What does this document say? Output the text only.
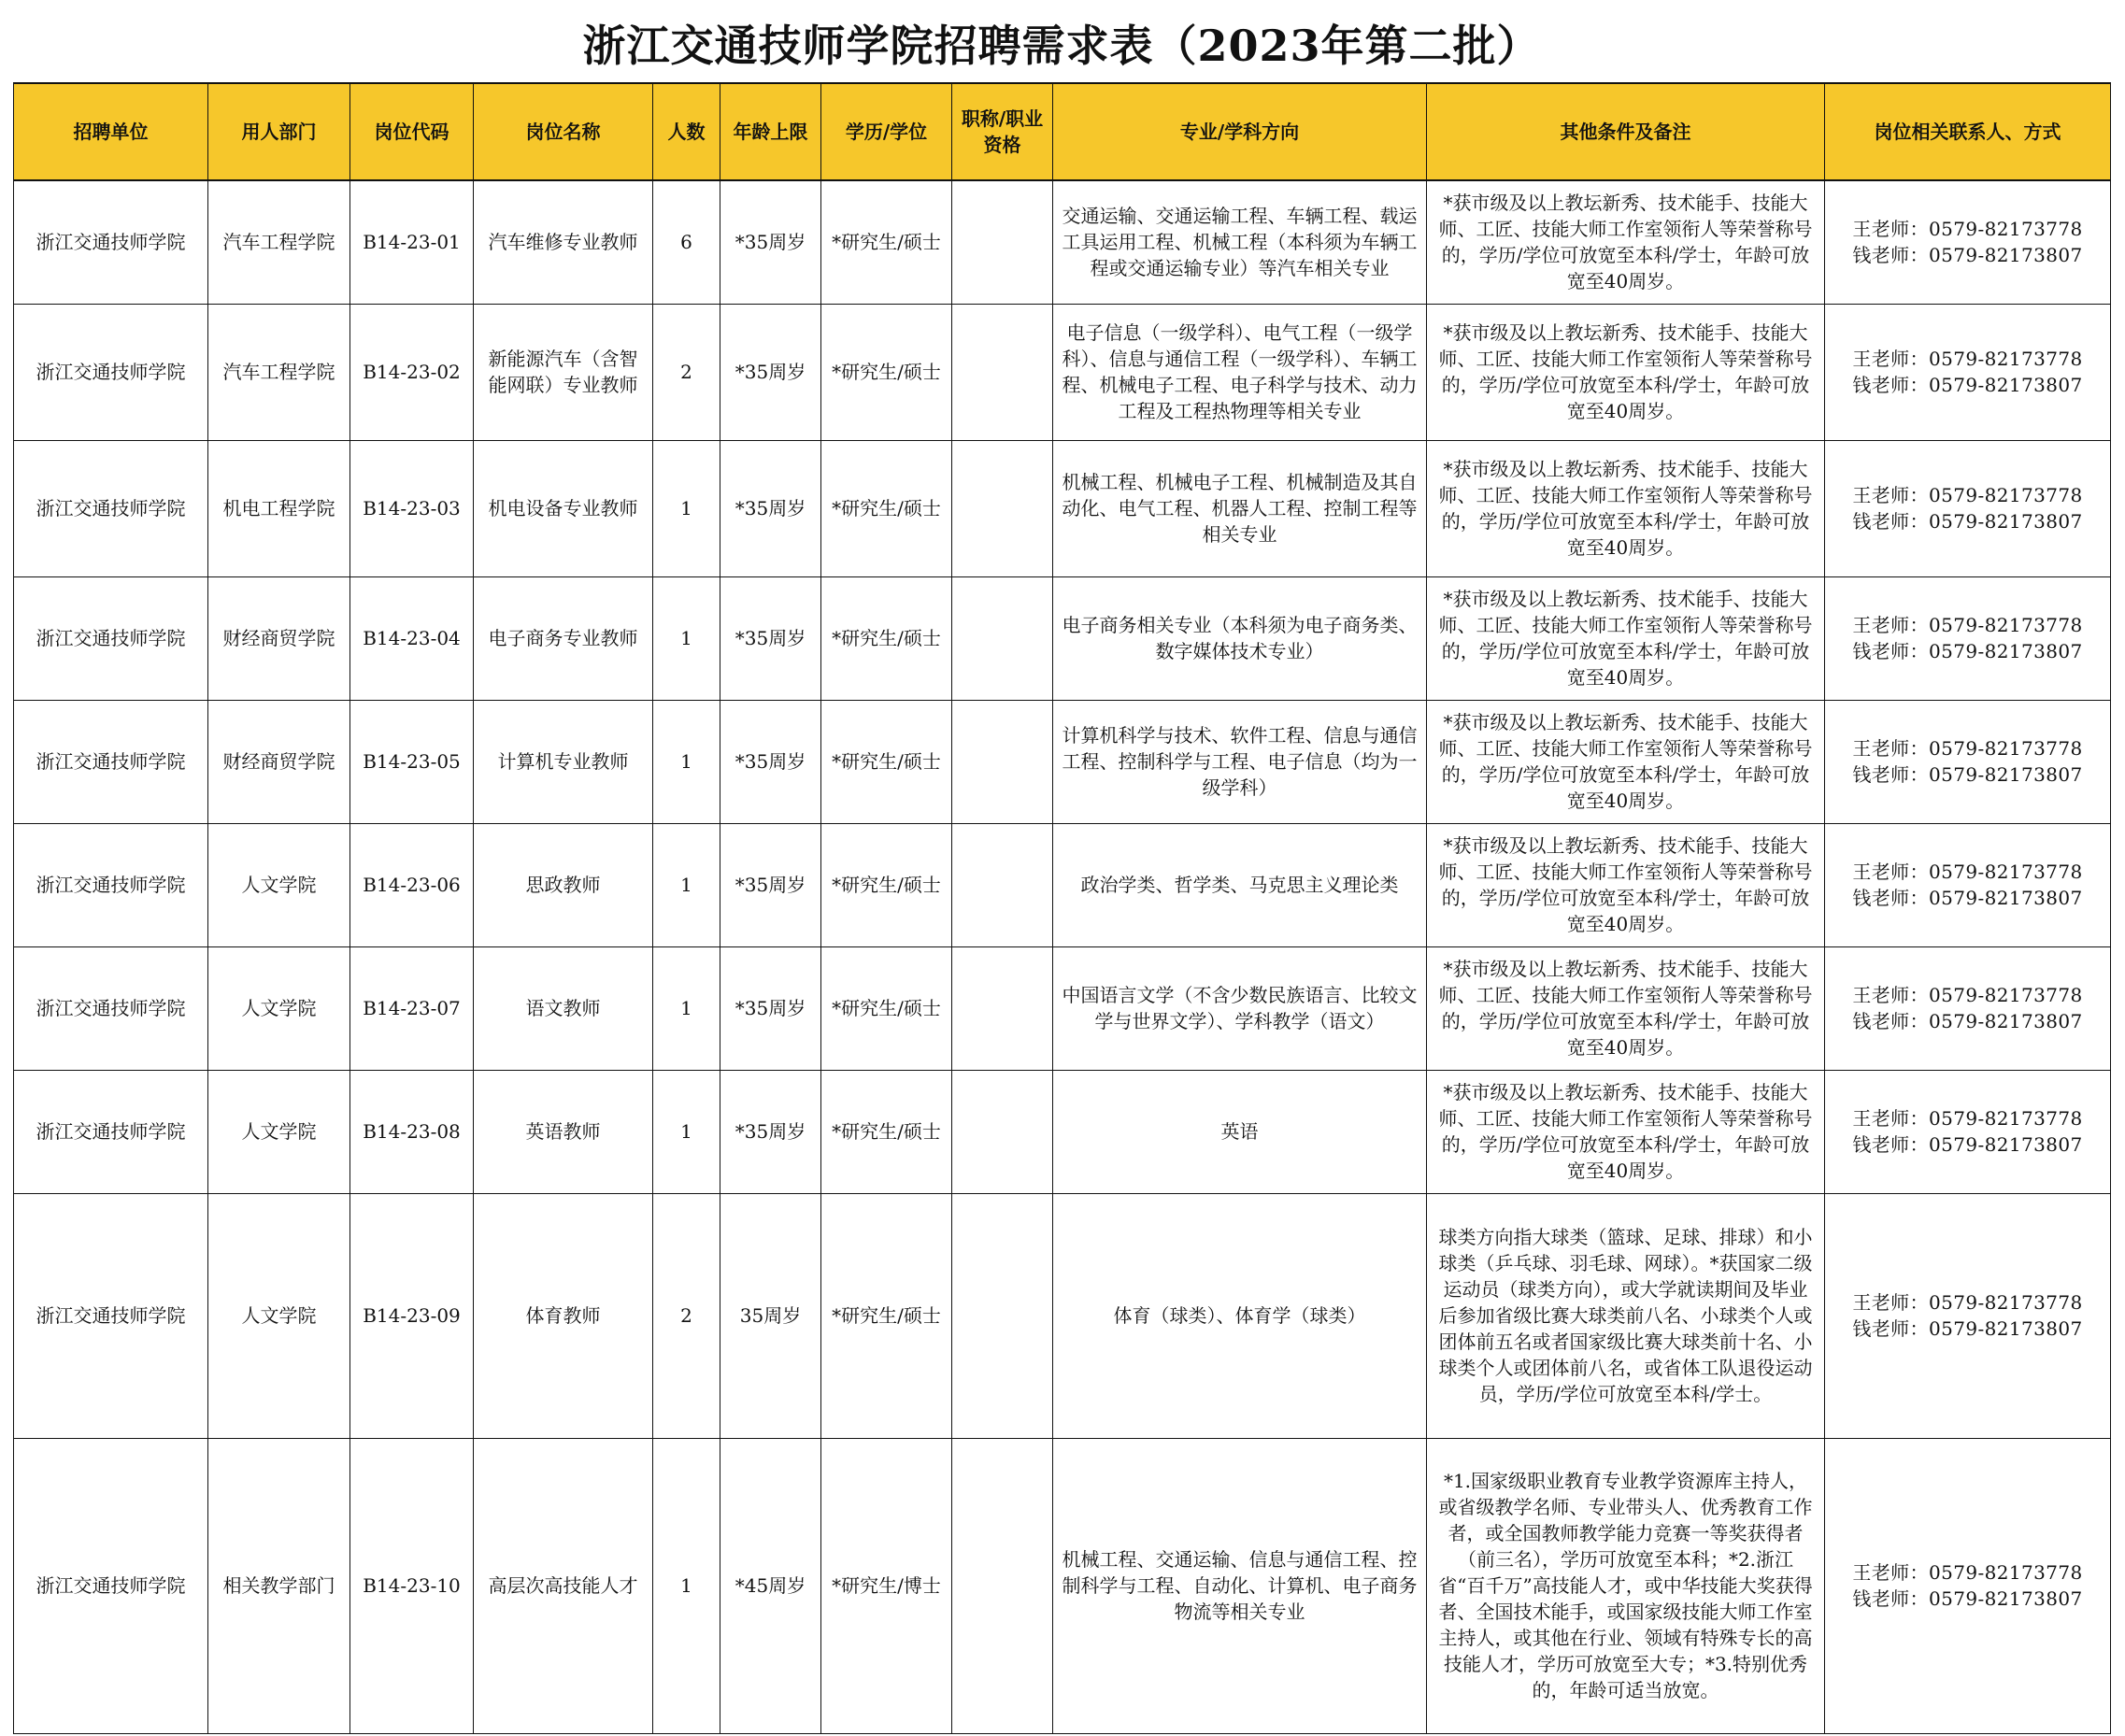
浙江交通技师学院招聘需求表（2023年第二批）
招聘单位	用人部门	岗位代码	岗位名称	人数	年龄上限	学历/学位	职称/职业资格	专业/学科方向	其他条件及备注	岗位相关联系人、方式
浙江交通技师学院	汽车工程学院	B14-23-01	汽车维修专业教师	6	*35周岁	*研究生/硕士		交通运输、交通运输工程、车辆工程、载运工具运用工程、机械工程（本科须为车辆工程或交通运输专业）等汽车相关专业	*获市级及以上教坛新秀、技术能手、技能大师、工匠、技能大师工作室领衔人等荣誉称号的，学历/学位可放宽至本科/学士，年龄可放宽至40周岁。	王老师：0579-82173778
钱老师：0579-82173807

浙江交通技师学院	汽车工程学院	B14-23-02	新能源汽车（含智能网联）专业教师	2	*35周岁	*研究生/硕士		电子信息（一级学科）、电气工程（一级学科）、信息与通信工程（一级学科）、车辆工程、机械电子工程、电子科学与技术、动力工程及工程热物理等相关专业	*获市级及以上教坛新秀、技术能手、技能大师、工匠、技能大师工作室领衔人等荣誉称号的，学历/学位可放宽至本科/学士，年龄可放宽至40周岁。	王老师：0579-82173778
钱老师：0579-82173807

浙江交通技师学院	机电工程学院	B14-23-03	机电设备专业教师	1	*35周岁	*研究生/硕士		机械工程、机械电子工程、机械制造及其自动化、电气工程、机器人工程、控制工程等相关专业	*获市级及以上教坛新秀、技术能手、技能大师、工匠、技能大师工作室领衔人等荣誉称号的，学历/学位可放宽至本科/学士，年龄可放宽至40周岁。	王老师：0579-82173778
钱老师：0579-82173807

浙江交通技师学院	财经商贸学院	B14-23-04	电子商务专业教师	1	*35周岁	*研究生/硕士		电子商务相关专业（本科须为电子商务类、数字媒体技术专业）	*获市级及以上教坛新秀、技术能手、技能大师、工匠、技能大师工作室领衔人等荣誉称号的，学历/学位可放宽至本科/学士，年龄可放宽至40周岁。	王老师：0579-82173778
钱老师：0579-82173807

浙江交通技师学院	财经商贸学院	B14-23-05	计算机专业教师	1	*35周岁	*研究生/硕士		计算机科学与技术、软件工程、信息与通信工程、控制科学与工程、电子信息（均为一级学科）	*获市级及以上教坛新秀、技术能手、技能大师、工匠、技能大师工作室领衔人等荣誉称号的，学历/学位可放宽至本科/学士，年龄可放宽至40周岁。	王老师：0579-82173778
钱老师：0579-82173807

浙江交通技师学院	人文学院	B14-23-06	思政教师	1	*35周岁	*研究生/硕士		政治学类、哲学类、马克思主义理论类	*获市级及以上教坛新秀、技术能手、技能大师、工匠、技能大师工作室领衔人等荣誉称号的，学历/学位可放宽至本科/学士，年龄可放宽至40周岁。	王老师：0579-82173778
钱老师：0579-82173807

浙江交通技师学院	人文学院	B14-23-07	语文教师	1	*35周岁	*研究生/硕士		中国语言文学（不含少数民族语言、比较文学与世界文学）、学科教学（语文）	*获市级及以上教坛新秀、技术能手、技能大师、工匠、技能大师工作室领衔人等荣誉称号的，学历/学位可放宽至本科/学士，年龄可放宽至40周岁。	王老师：0579-82173778
钱老师：0579-82173807

浙江交通技师学院	人文学院	B14-23-08	英语教师	1	*35周岁	*研究生/硕士		英语	*获市级及以上教坛新秀、技术能手、技能大师、工匠、技能大师工作室领衔人等荣誉称号的，学历/学位可放宽至本科/学士，年龄可放宽至40周岁。	王老师：0579-82173778
钱老师：0579-82173807

浙江交通技师学院	人文学院	B14-23-09	体育教师	2	35周岁	*研究生/硕士		体育（球类）、体育学（球类）	球类方向指大球类（篮球、足球、排球）和小球类（乒乓球、羽毛球、网球）。*获国家二级运动员（球类方向），或大学就读期间及毕业后参加省级比赛大球类前八名、小球类个人或团体前五名或者国家级比赛大球类前十名、小球类个人或团体前八名，或省体工队退役运动员，学历/学位可放宽至本科/学士。	王老师：0579-82173778
钱老师：0579-82173807

浙江交通技师学院	相关教学部门	B14-23-10	高层次高技能人才	1	*45周岁	*研究生/博士		机械工程、交通运输、信息与通信工程、控制科学与工程、自动化、计算机、电子商务物流等相关专业	*1.国家级职业教育专业教学资源库主持人，或省级教学名师、专业带头人、优秀教育工作者，或全国教师教学能力竞赛一等奖获得者（前三名），学历可放宽至本科；*2.浙江省“百千万”高技能人才，或中华技能大奖获得者、全国技术能手，或国家级技能大师工作室主持人，或其他在行业、领域有特殊专长的高技能人才，学历可放宽至大专；*3.特别优秀的，年龄可适当放宽。	王老师：0579-82173778
钱老师：0579-82173807
